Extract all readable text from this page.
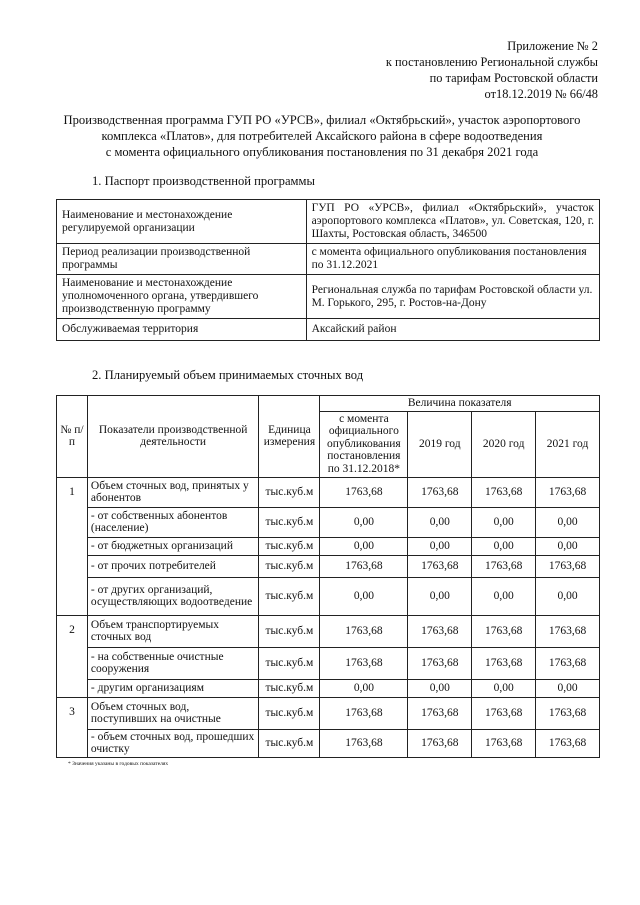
Приложение № 2
к постановлению Региональной службы
по тарифам Ростовской области
от18.12.2019 № 66/48
Производственная программа ГУП РО «УРСВ», филиал «Октябрьский», участок аэропортового
комплекса «Платов», для потребителей Аксайского района в сфере водоотведения
с момента официального опубликования постановления по 31 декабря 2021 года
1. Паспорт производственной программы
Наименование и местонахождение регулируемой организации	ГУП РО «УРСВ», филиал «Октябрьский», участок аэропортового комплекса «Платов», ул. Советская, 120, г. Шахты, Ростовская область, 346500
Период реализации производственной программы	с момента официального опубликования постановления по 31.12.2021
Наименование и местонахождение уполномоченного органа, утвердившего производственную программу	Региональная служба по тарифам Ростовской области ул. М. Горького, 295, г. Ростов-на-Дону
Обслуживаемая территория	Аксайский район
2. Планируемый объем принимаемых сточных вод
№ п/п	Показатели производственной деятельности	Единица измерения	Величина показателя			
			с момента официального опубликования постановления по 31.12.2018*	2019 год	2020 год	2021 год
1	Объем сточных вод, принятых у абонентов	тыс.куб.м	1763,68	1763,68	1763,68	1763,68
	- от собственных абонентов (население)	тыс.куб.м	0,00	0,00	0,00	0,00
	- от бюджетных организаций	тыс.куб.м	0,00	0,00	0,00	0,00
	- от прочих потребителей	тыс.куб.м	1763,68	1763,68	1763,68	1763,68
	- от других организаций, осуществляющих водоотведение	тыс.куб.м	0,00	0,00	0,00	0,00
2	Объем транспортируемых сточных вод	тыс.куб.м	1763,68	1763,68	1763,68	1763,68
	- на собственные очистные сооружения	тыс.куб.м	1763,68	1763,68	1763,68	1763,68
	- другим организациям	тыс.куб.м	0,00	0,00	0,00	0,00
3	Объем сточных вод, поступивших на очистные	тыс.куб.м	1763,68	1763,68	1763,68	1763,68
	- объем сточных вод, прошедших очистку	тыс.куб.м	1763,68	1763,68	1763,68	1763,68
* Значения указаны в годовых показателях
